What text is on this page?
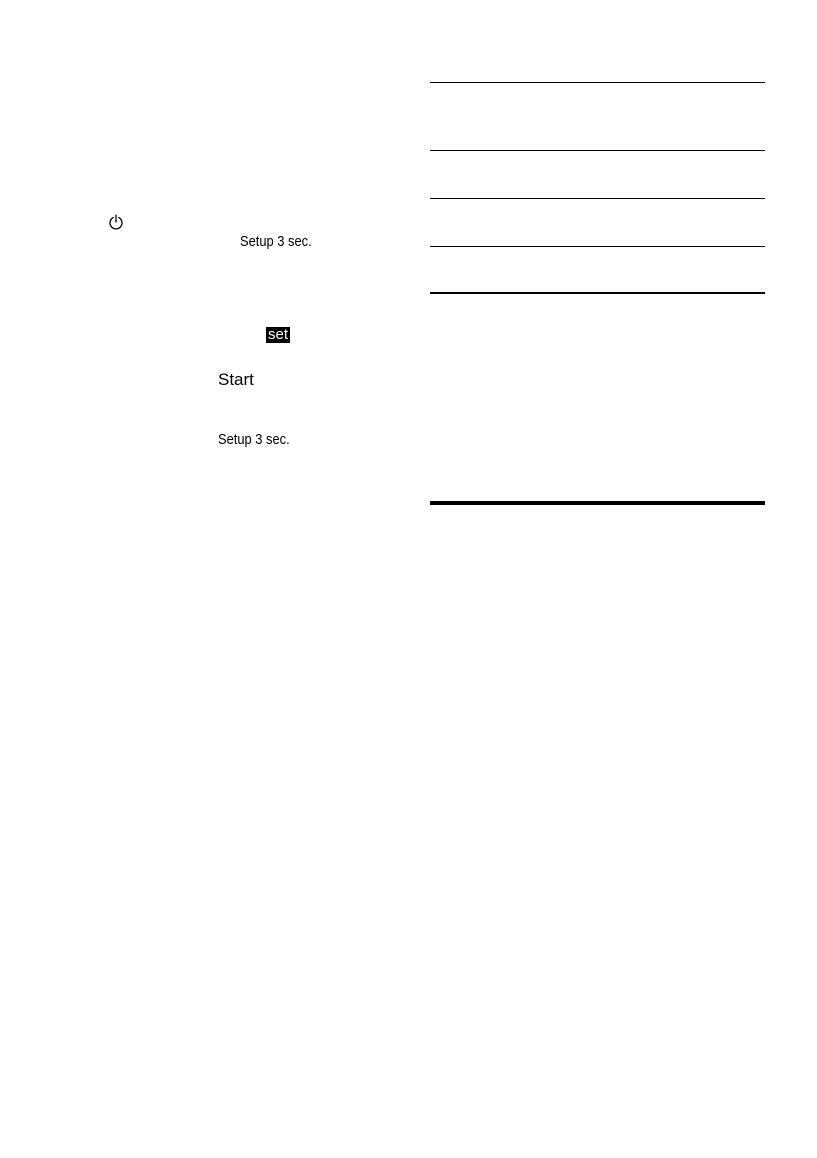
Setup 3 sec.
set
Start
Setup 3 sec.
